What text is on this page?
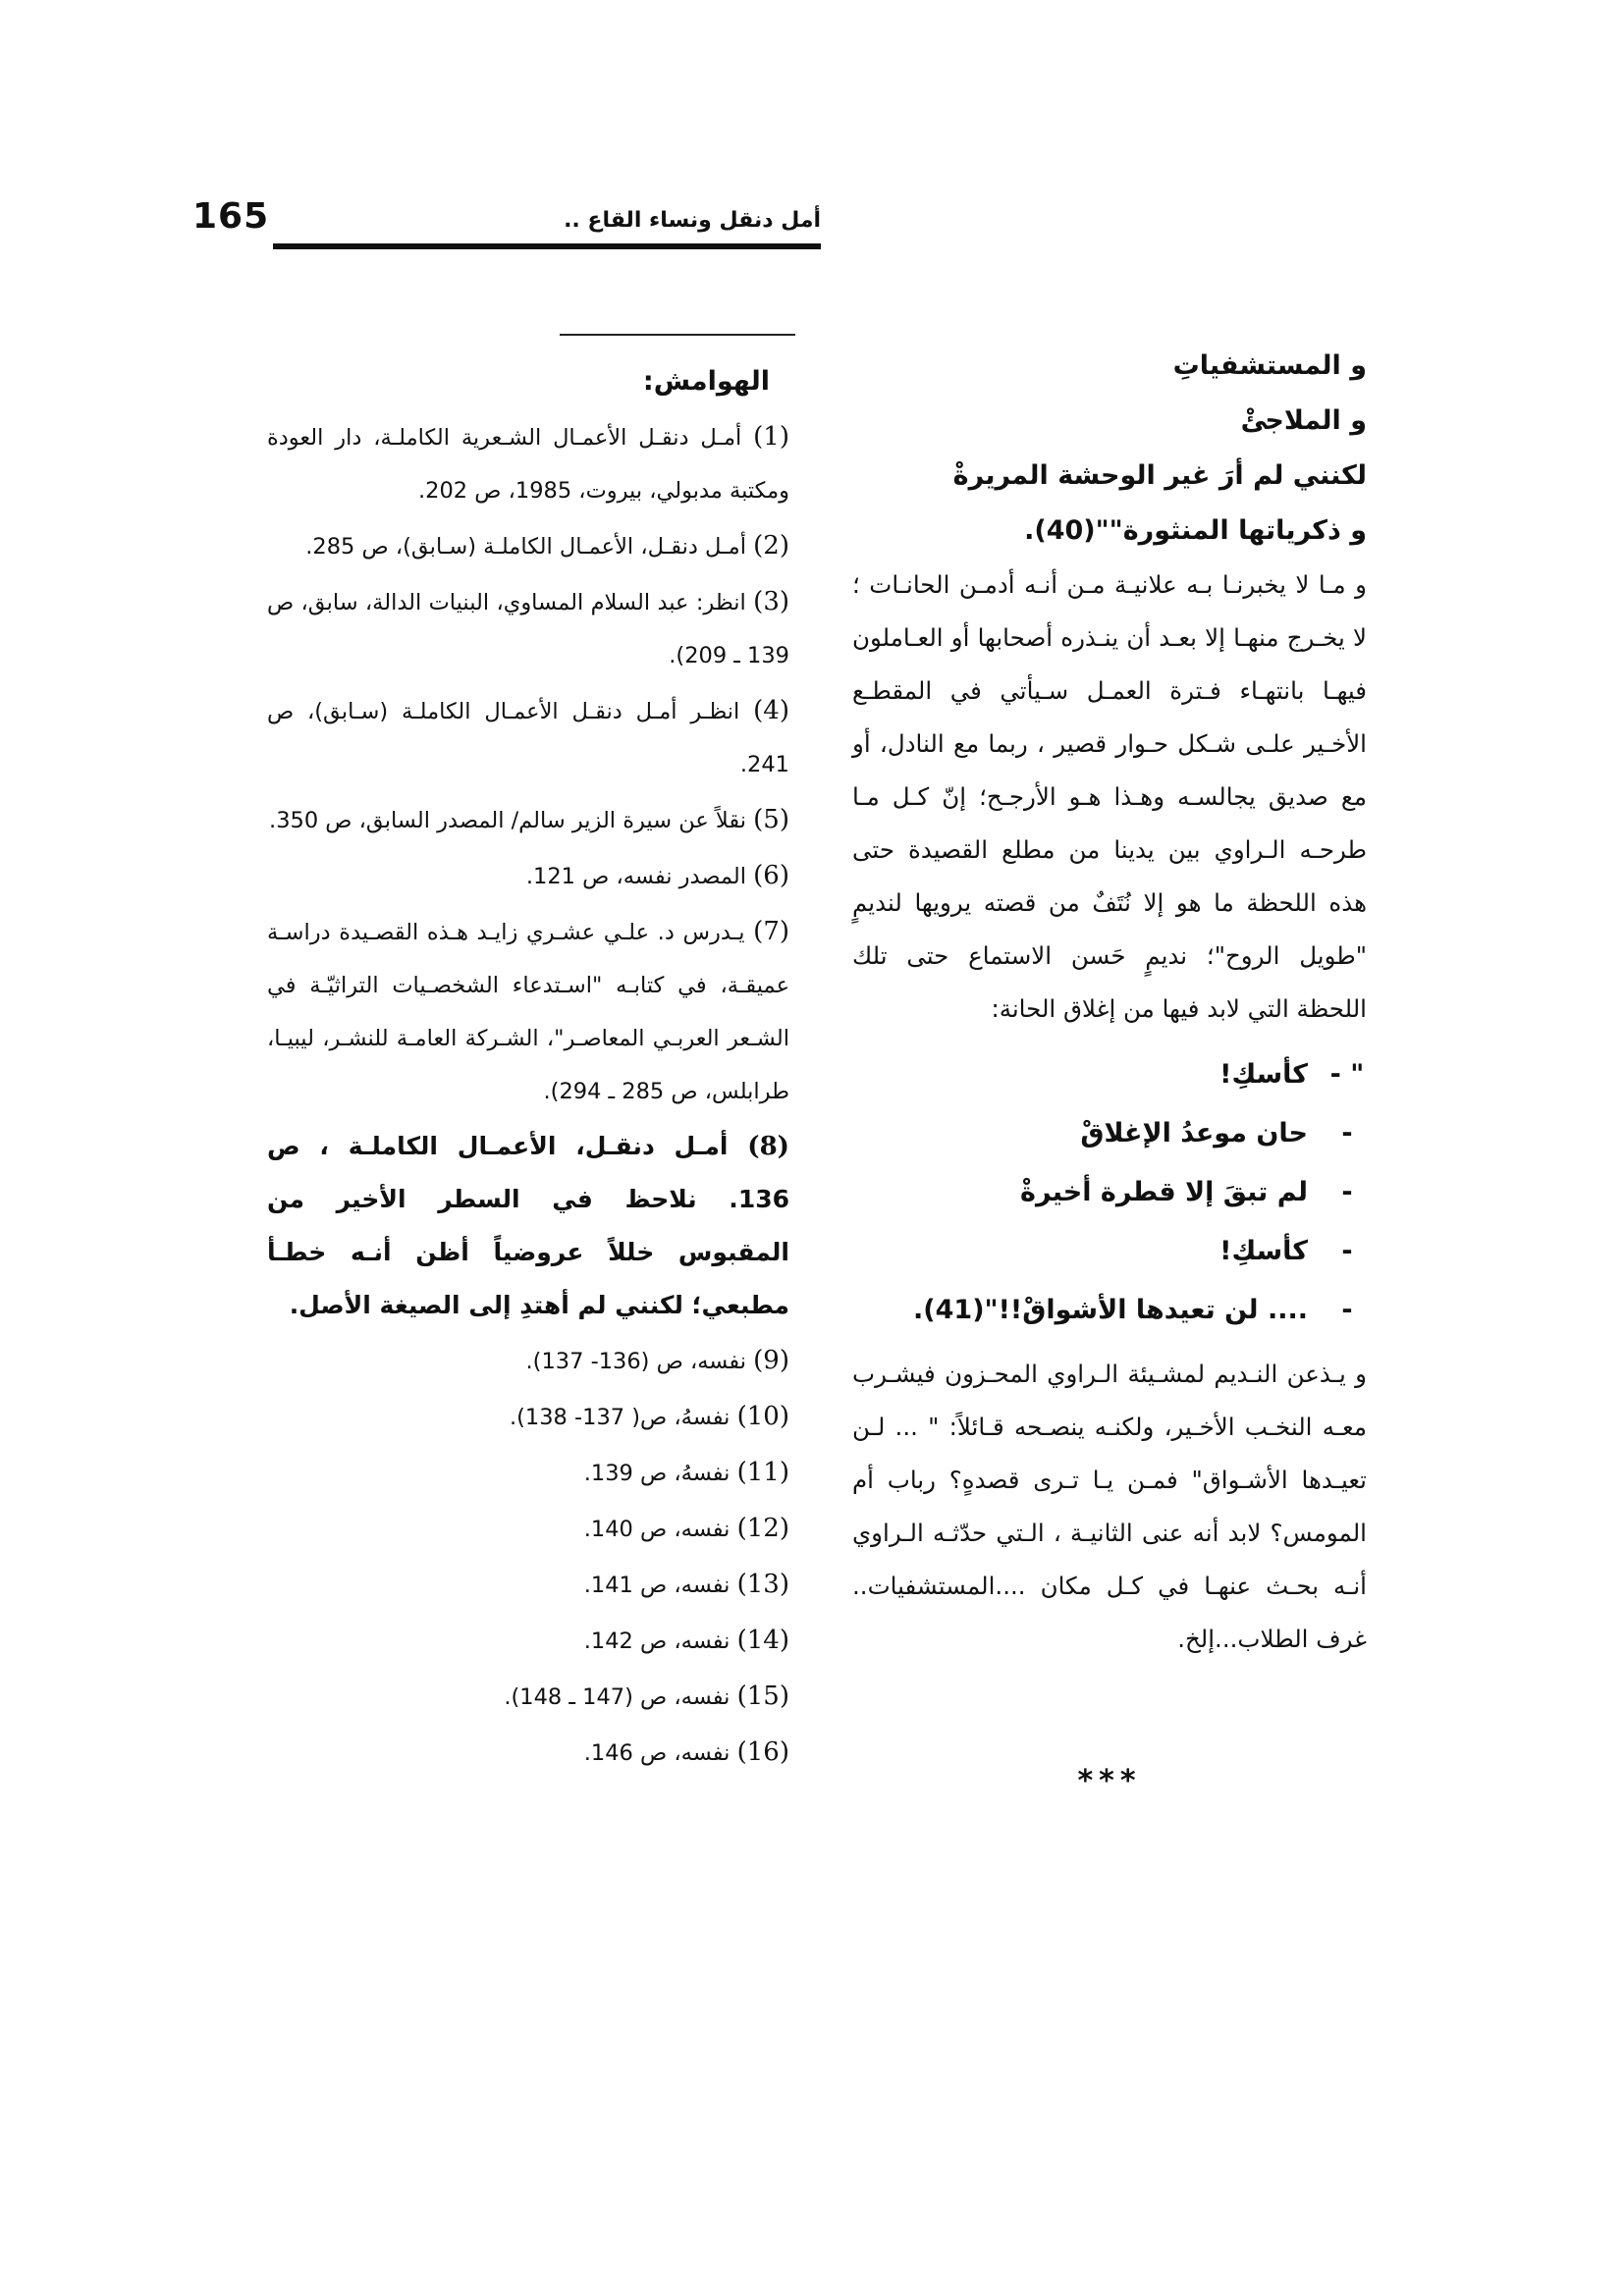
165	أمل دنقل ونساء القاع ..
و المستشفياتِ
و الملاجئْ
لكنني لم أرَ غير الوحشة المريرةْ
و ذكرياتها المنثورة""(40).

و مـا لا يخبرنـا بـه علانيـة مـن أنـه أدمـن الحانـات ؛ لا يخـرج منهـا إلا بعـد أن ينـذره أصحابها أو العـاملون فيهـا بانتهـاء فـترة العمـل سـيأتي في المقطـع الأخـير علـى شـكل حـوار قصير ، ربما مع النادل، أو مع صديق يجالسـه وهـذا هـو الأرجـح؛ إنّ كـل مـا طرحـه الـراوي بين يدينا من مطلع القصيدة حتى هذه اللحظة ما هو إلا نُتَفٌ من قصته يرويها لنديمٍ "طويل الروح"؛ نديمٍ حَسن الاستماع حتى تلك اللحظة التي لابد فيها من إغلاق الحانة:

" -كأسكِ!
-حان موعدُ الإغلاقْ
-لم تبقَ إلا قطرة أخيرةْ
-كأسكِ!
-.... لن تعيدها الأشواقْ!!"(41).

و يـذعن النـديم لمشـيئة الـراوي المحـزون فيشـرب معـه النخـب الأخـير، ولكنـه ينصـحه قـائلاً: " ... لـن تعيـدها الأشـواق" فمـن يـا تـرى قصدهٍ؟ رباب أم المومس؟ لابد أنه عنى الثانيـة ، الـتي حدّثـه الـراوي أنـه بحـث عنهـا في كـل مكان ....المستشفيات.. غرف الطلاب...إلخ.

***
الهوامش:

(1) أمـل دنقـل الأعمـال الشـعرية الكاملـة، دار العودة ومكتبة مدبولي، بيروت، 1985، ص 202.

(2) أمـل دنقـل، الأعمـال الكاملـة (سـابق)، ص 285.

(3) انظر: عبد السلام المساوي، البنيات الدالة، سابق، ص 139 ـ 209).

(4) انظـر أمـل دنقـل الأعمـال الكاملـة (سـابق)، ص 241.

(5) نقلاً عن سيرة الزير سالم/ المصدر السابق، ص 350.

(6) المصدر نفسه، ص 121.

(7) يـدرس د. علـي عشـري زايـد هـذه القصـيدة دراسـة عميقـة، في كتابـه "اسـتدعاء الشخصـيات التراثيّـة في الشـعر العربـي المعاصـر"، الشـركة العامـة للنشـر، ليبيـا، طرابلس، ص 285 ـ 294).

(8) أمـل دنقـل، الأعمـال الكاملـة ، ص 136. نلاحظ في السطر الأخير من المقبوس خللاً عروضياً أظن أنـه خطـأ مطبعي؛ لكنني لم أهتدِ إلى الصيغة الأصل.

(9) نفسه، ص (136- 137).

(10) نفسهُ، ص( 137- 138).

(11) نفسهُ، ص 139.

(12) نفسه، ص 140.

(13) نفسه، ص 141.

(14) نفسه، ص 142.

(15) نفسه، ص (147 ـ 148).

(16) نفسه، ص 146.
